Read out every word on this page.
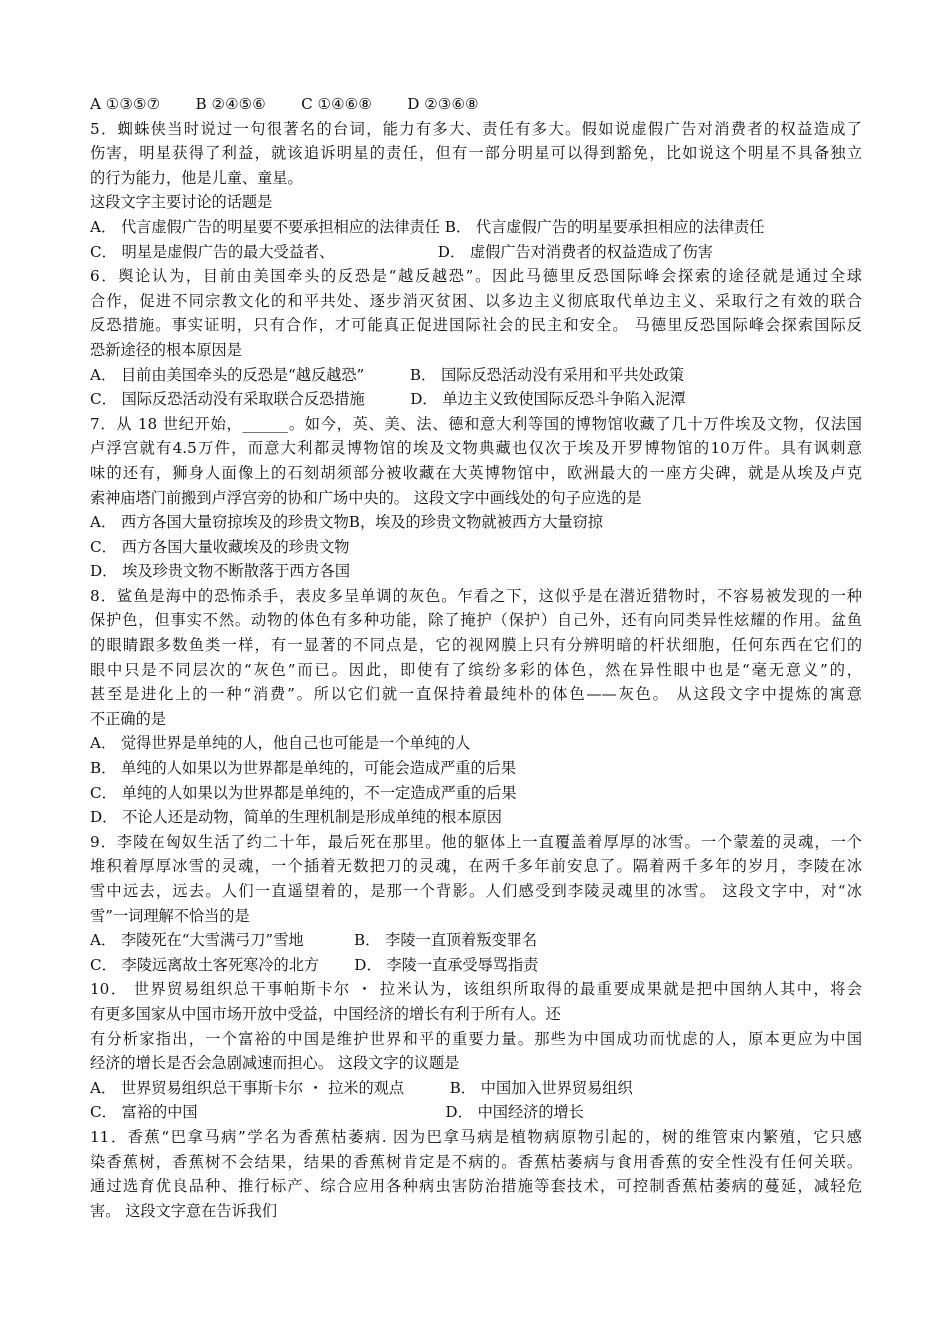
A ①③⑤⑦　　 B ②④⑤⑥　　 C ①④⑥⑧　　 D ②③⑥⑧
5．蜘蛛侠当时说过一句很著名的台词，能力有多大、责任有多大。假如说虚假广告对消费者的权益造成了
伤害，明星获得了利益，就该追诉明星的责任，但有一部分明星可以得到豁免，比如说这个明星不具备独立
的行为能力，他是儿童、童星。
这段文字主要讨论的话题是
A． 代言虚假广告的明星要不要承担相应的法律责任 B． 代言虚假广告的明星要承担相应的法律责任
C． 明星是虚假广告的最大受益者、　　　　　　　 D． 虚假广告对消费者的权益造成了伤害
6．舆论认为，目前由美国牵头的反恐是“越反越恐”。因此马德里反恐国际峰会探索的途径就是通过全球
合作，促进不同宗教文化的和平共处、逐步消灭贫困、以多边主义彻底取代单边主义、采取行之有效的联合
反恐措施。事实证明，只有合作，才可能真正促进国际社会的民主和安全。 马德里反恐国际峰会探索国际反
恐新途径的根本原因是
A． 目前由美国牵头的反恐是“越反越恐”　　　B． 国际反恐活动没有采用和平共处政策
C． 国际反恐活动没有采取联合反恐措施　　　D． 单边主义致使国际反恐斗争陷入泥潭
7．从 18 世纪开始，______。如今，英、美、法、德和意大利等国的博物馆收藏了几十万件埃及文物，仅法国
卢浮宫就有4.5万件，而意大利都灵博物馆的埃及文物典藏也仅次于埃及开罗博物馆的10万件。具有讽刺意
味的还有，狮身人面像上的石刻胡须部分被收藏在大英博物馆中，欧洲最大的一座方尖碑，就是从埃及卢克
索神庙塔门前搬到卢浮宫旁的协和广场中央的。 这段文字中画线处的句子应选的是
A． 西方各国大量窃掠埃及的珍贵文物B，埃及的珍贵文物就被西方大量窃掠
C． 西方各国大量收藏埃及的珍贵文物
D． 埃及珍贵文物不断散落于西方各国
8．鲨鱼是海中的恐怖杀手，表皮多呈单调的灰色。乍看之下，这似乎是在潜近猎物时，不容易被发现的一种
保护色，但事实不然。动物的体色有多种功能，除了掩护（保护）自己外，还有向同类异性炫耀的作用。盆鱼
的眼睛跟多数鱼类一样，有一显著的不同点是，它的视网膜上只有分辨明暗的杆状细胞，任何东西在它们的
眼中只是不同层次的“灰色”而已。因此，即使有了缤纷多彩的体色，然在异性眼中也是“毫无意义”的，
甚至是进化上的一种“消费”。所以它们就一直保持着最纯朴的体色——灰色。 从这段文字中提炼的寓意
不正确的是
A． 觉得世界是单纯的人，他自己也可能是一个单纯的人
B． 单纯的人如果以为世界都是单纯的，可能会造成严重的后果
C． 单纯的人如果以为世界都是单纯的，不一定造成严重的后果
D． 不论人还是动物，简单的生理机制是形成单纯的根本原因
9．李陵在匈奴生活了约二十年，最后死在那里。他的躯体上一直覆盖着厚厚的冰雪。一个蒙羞的灵魂，一个
堆积着厚厚冰雪的灵魂，一个插着无数把刀的灵魂，在两千多年前安息了。隔着两千多年的岁月，李陵在冰
雪中远去，远去。人们一直遥望着的，是那一个背影。人们感受到李陵灵魂里的冰雪。 这段文字中，对“冰
雪”一词理解不恰当的是
A． 李陵死在“大雪满弓刀”雪地　　　 B． 李陵一直顶着叛变罪名
C． 李陵远离故土客死寒冷的北方　　 D． 李陵一直承受辱骂指责
10． 世界贸易组织总干事帕斯卡尔 ・ 拉米认为，该组织所取得的最重要成果就是把中国纳人其中，将会
有更多国家从中国市场开放中受益，中国经济的增长有利于所有人。还
有分析家指出，一个富裕的中国是维护世界和平的重要力量。那些为中国成功而忧虑的人，原本更应为中国
经济的增长是否会急剧减速而担心。 这段文字的议题是
A． 世界贸易组织总干事斯卡尔 ・ 拉米的观点　　　B． 中国加入世界贸易组织
C． 富裕的中国　　　　　　　　　　　　　　　　 D． 中国经济的增长
11．香蕉“巴拿马病”学名为香蕉枯萎病. 因为巴拿马病是植物病原物引起的，树的维管束内繁殖，它只感
染香蕉树，香蕉树不会结果，结果的香蕉树肯定是不病的。香蕉枯萎病与食用香蕉的安全性没有任何关联。
通过选育优良品种、推行标产、综合应用各种病虫害防治措施等套技术，可控制香蕉枯萎病的蔓延，减轻危
害。 这段文字意在告诉我们
